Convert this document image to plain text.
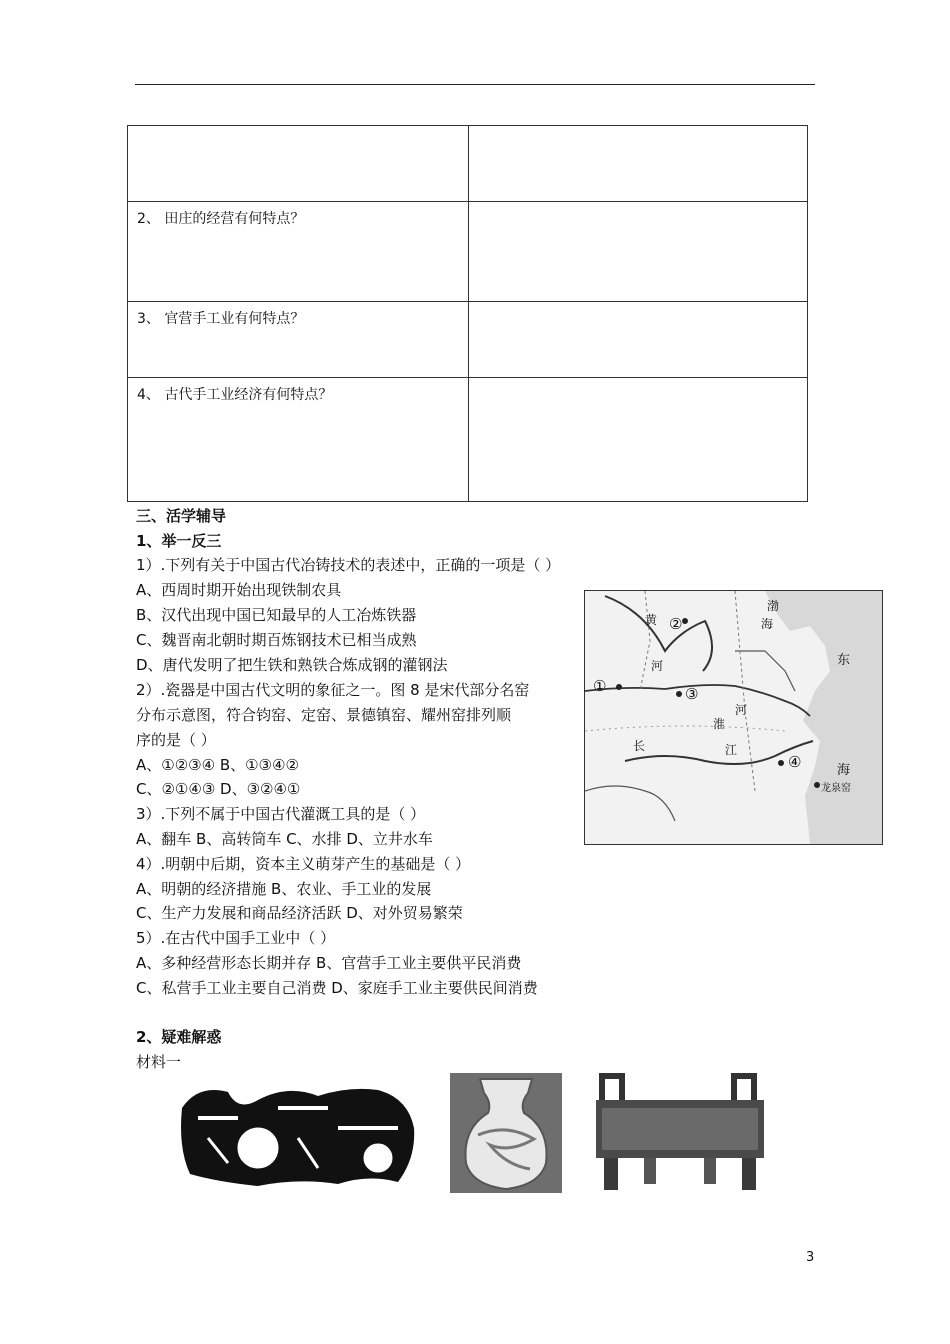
2、 田庄的经营有何特点？	

3、 官营手工业有何特点？	

4、 古代手工业经济有何特点？	

三、活学辅导
1、举一反三
1）.下列有关于中国古代冶铸技术的表述中，正确的一项是（ ）
A、西周时期开始出现铁制农具
B、汉代出现中国已知最早的人工冶炼铁器
C、魏晋南北朝时期百炼钢技术已相当成熟
D、唐代发明了把生铁和熟铁合炼成钢的灌钢法
2）.瓷器是中国古代文明的象征之一。图 8 是宋代部分名窑
分布示意图，符合钧窑、定窑、景德镇窑、耀州窑排列顺
序的是（ ）
A、①②③④ B、①③④②
C、②①④③ D、③②④①
3）.下列不属于中国古代灌溉工具的是（ ）
A、翻车 B、高转筒车 C、水排 D、立井水车
4）.明朝中后期，资本主义萌芽产生的基础是（ ）
A、明朝的经济措施 B、农业、手工业的发展
C、生产力发展和商品经济活跃 D、对外贸易繁荣
5）.在古代中国手工业中（ ）
A、多种经营形态长期并存 B、官营手工业主要供平民消费
C、私营手工业主要自己消费 D、家庭手工业主要供民间消费
2、疑难解惑
材料一
渤
海
黄
河
淮
河
长	江
东
海
龙泉窑
①
②
③
④
3
